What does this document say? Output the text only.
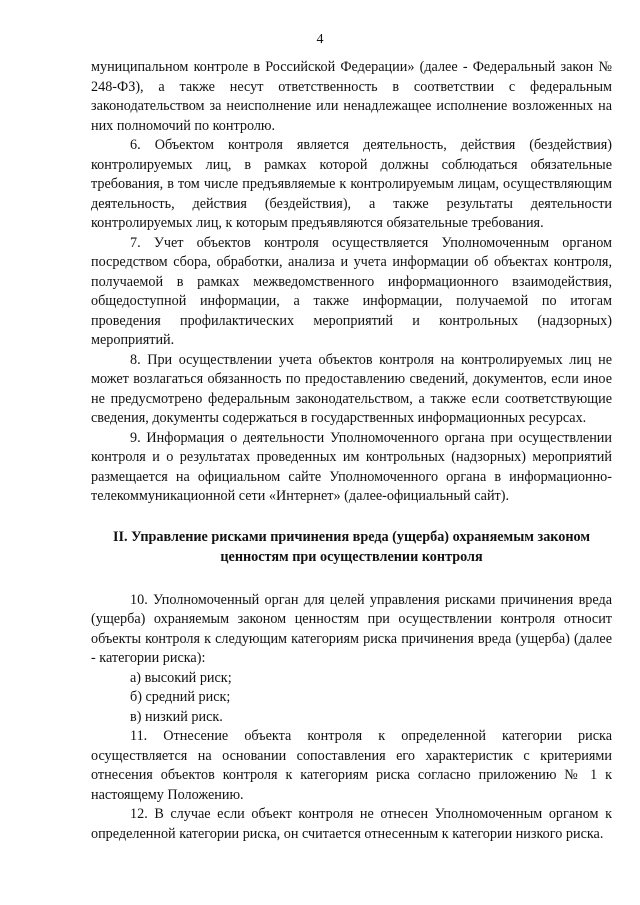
4

муниципальном контроле в Российской Федерации» (далее - Федеральный закон № 248-ФЗ), а также несут ответственность в соответствии с федеральным законодательством за неисполнение или ненадлежащее исполнение возложенных на них полномочий по контролю.

6. Объектом контроля является деятельность, действия (бездействия) контролируемых лиц, в рамках которой должны соблюдаться обязательные требования, в том числе предъявляемые к контролируемым лицам, осуществляющим деятельность, действия (бездействия), а также результаты деятельности контролируемых лиц, к которым предъявляются обязательные требования.

7. Учет объектов контроля осуществляется Уполномоченным органом посредством сбора, обработки, анализа и учета информации об объектах контроля, получаемой в рамках межведомственного информационного взаимодействия, общедоступной информации, а также информации, получаемой по итогам проведения профилактических мероприятий и контрольных (надзорных) мероприятий.

8. При осуществлении учета объектов контроля на контролируемых лиц не может возлагаться обязанность по предоставлению сведений, документов, если иное не предусмотрено федеральным законодательством, а также если соответствующие сведения, документы содержаться в государственных информационных ресурсах.

9. Информация о деятельности Уполномоченного органа при осуществлении контроля и о результатах проведенных им контрольных (надзорных) мероприятий размещается на официальном сайте Уполномоченного органа в информационно-телекоммуникационной сети «Интернет» (далее-официальный сайт).

II. Управление рисками причинения вреда (ущерба) охраняемым законом ценностям при осуществлении контроля

10. Уполномоченный орган для целей управления рисками причинения вреда (ущерба) охраняемым законом ценностям при осуществлении контроля относит объекты контроля к следующим категориям риска причинения вреда (ущерба) (далее - категории риска):

а) высокий риск;

б) средний риск;

в) низкий риск.

11. Отнесение объекта контроля к определенной категории риска осуществляется на основании сопоставления его характеристик с критериями отнесения объектов контроля к категориям риска согласно приложению № 1 к настоящему Положению.

12. В случае если объект контроля не отнесен Уполномоченным органом к определенной категории риска, он считается отнесенным к категории низкого риска.
